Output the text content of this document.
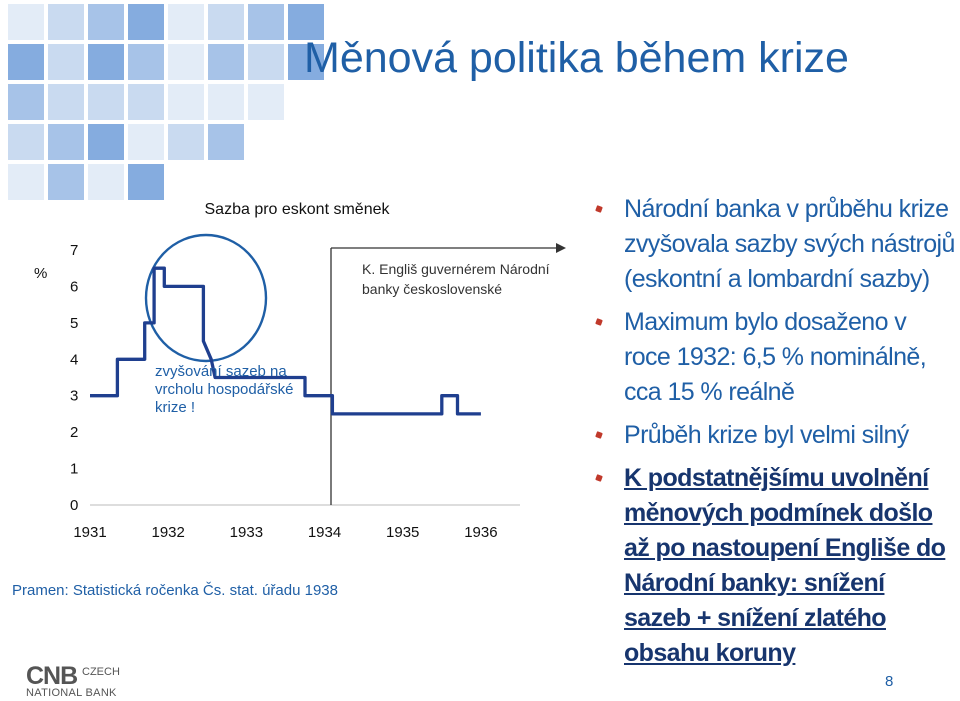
Měnová politika během krize
Sazba pro eskont směnek
%
0
1
2
3
4
5
6
7
1931	1932	1933	1934	1935	1936
zvyšování sazeb na vrcholu hospodářské krize !
K. Engliš guvernérem Národní banky československé
Pramen: Statistická ročenka Čs. stat. úřadu 1938
Národní banka v průběhu krize zvyšovala sazby svých nástrojů (eskontní a lombardní sazby)
Maximum bylo dosaženo v roce 1932: 6,5 % nominálně, cca 15 % reálně
Průběh krize byl velmi silný
K podstatnějšímu uvolnění měnových podmínek došlo až po nastoupení Engliše do Národní banky: snížení sazeb + snížení zlatého obsahu koruny
CNB CZECH
NATIONAL BANK
8
